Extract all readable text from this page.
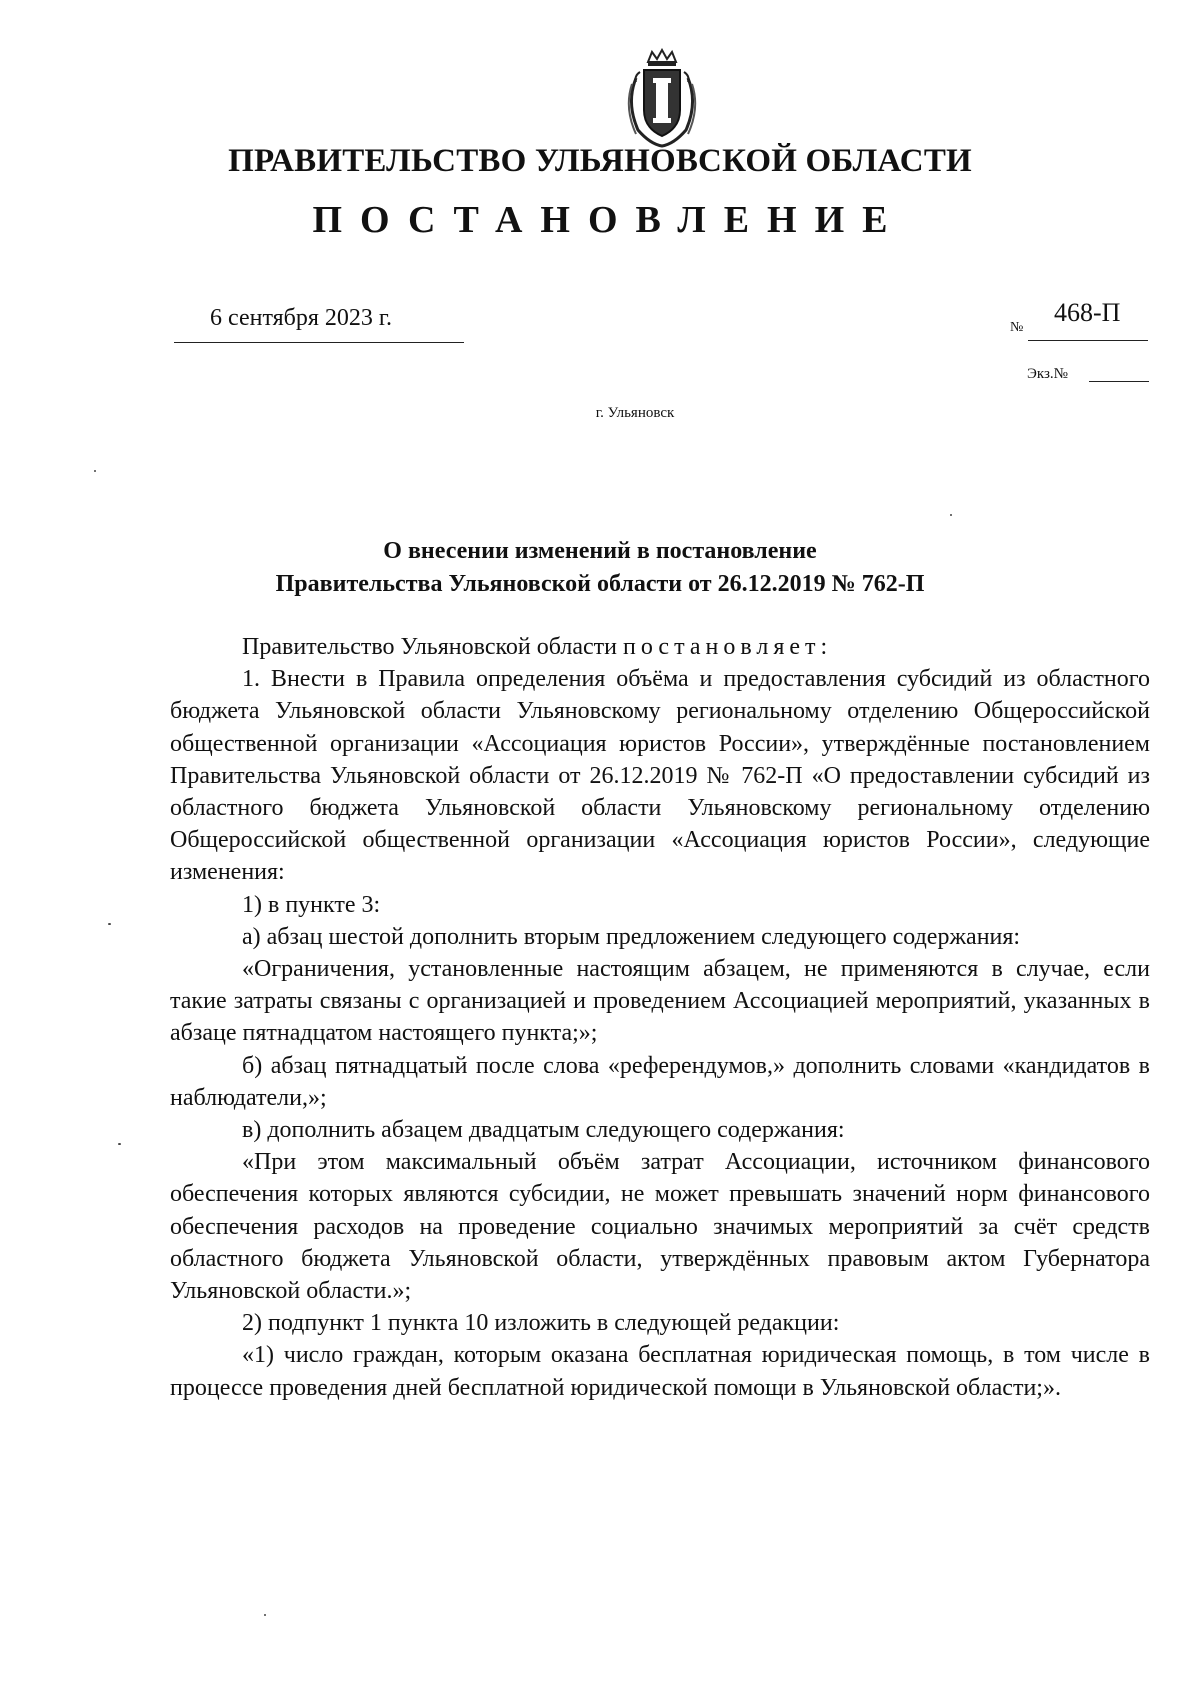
ПРАВИТЕЛЬСТВО УЛЬЯНОВСКОЙ ОБЛАСТИ
ПОСТАНОВЛЕНИЕ
6 сентября 2023 г.	№
468-П
Экз.№
г. Ульяновск
О внесении изменений в постановление
Правительства Ульяновской области от 26.12.2019 № 762-П

Правительство Ульяновской области постановляет:

1. Внести в Правила определения объёма и предоставления субсидий из областного бюджета Ульяновской области Ульяновскому региональному отделению Общероссийской общественной организации «Ассоциация юристов России», утверждённые постановлением Правительства Ульяновской области от 26.12.2019 № 762-П «О предоставлении субсидий из областного бюджета Ульяновской области Ульяновскому региональному отделению Общероссийской общественной организации «Ассоциация юристов России», следующие изменения:

1) в пункте 3:

а) абзац шестой дополнить вторым предложением следующего содержания:

«Ограничения, установленные настоящим абзацем, не применяются в случае, если такие затраты связаны с организацией и проведением Ассоциацией мероприятий, указанных в абзаце пятнадцатом настоящего пункта;»;

б) абзац пятнадцатый после слова «референдумов,» дополнить словами «кандидатов в наблюдатели,»;

в) дополнить абзацем двадцатым следующего содержания:

«При этом максимальный объём затрат Ассоциации, источником финансового обеспечения которых являются субсидии, не может превышать значений норм финансового обеспечения расходов на проведение социально значимых мероприятий за счёт средств областного бюджета Ульяновской области, утверждённых правовым актом Губернатора Ульяновской области.»;

2) подпункт 1 пункта 10 изложить в следующей редакции:

«1) число граждан, которым оказана бесплатная юридическая помощь, в том числе в процессе проведения дней бесплатной юридической помощи в Ульяновской области;».
